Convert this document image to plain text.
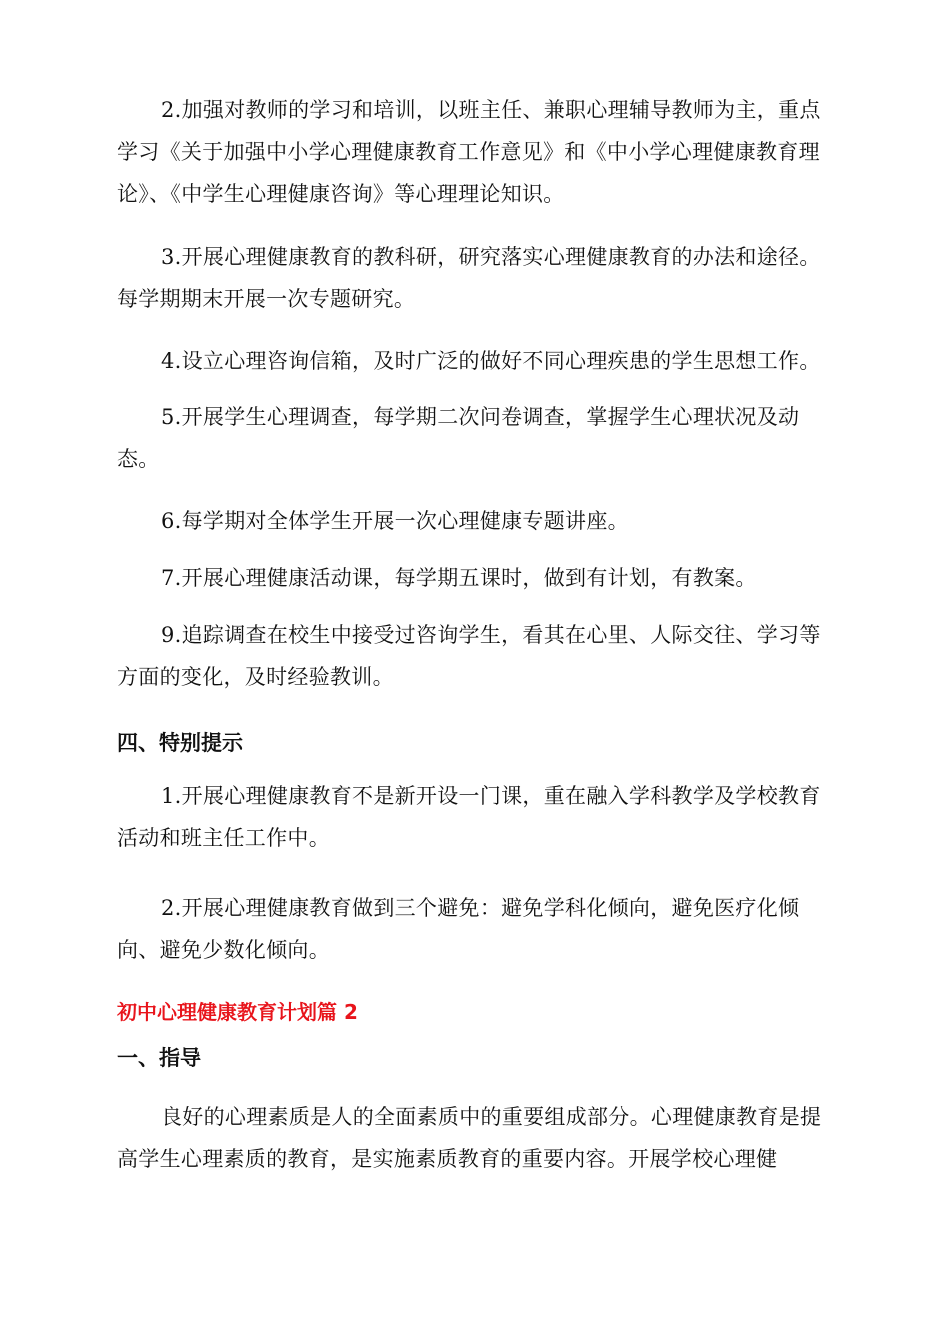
2.加强对教师的学习和培训，以班主任、兼职心理辅导教师为主，重点学习《关于加强中小学心理健康教育工作意见》和《中小学心理健康教育理论》、《中学生心理健康咨询》等心理理论知识。

3.开展心理健康教育的教科研，研究落实心理健康教育的办法和途径。每学期期末开展一次专题研究。

4.设立心理咨询信箱，及时广泛的做好不同心理疾患的学生思想工作。

5.开展学生心理调查，每学期二次问卷调查，掌握学生心理状况及动态。

6.每学期对全体学生开展一次心理健康专题讲座。

7.开展心理健康活动课，每学期五课时，做到有计划，有教案。

9.追踪调查在校生中接受过咨询学生，看其在心里、人际交往、学习等方面的变化，及时经验教训。

四、特别提示

1.开展心理健康教育不是新开设一门课，重在融入学科教学及学校教育活动和班主任工作中。

2.开展心理健康教育做到三个避免：避免学科化倾向，避免医疗化倾向、避免少数化倾向。

初中心理健康教育计划篇 2
一、指导

良好的心理素质是人的全面素质中的重要组成部分。心理健康教育是提高学生心理素质的教育，是实施素质教育的重要内容。开展学校心理健
